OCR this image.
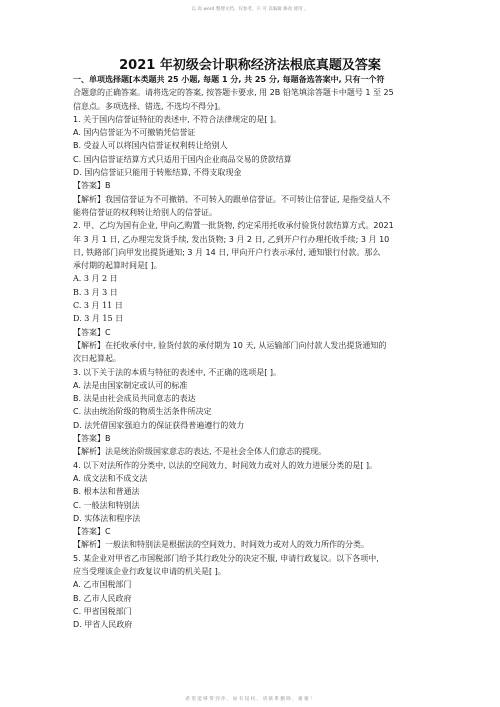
以 高 word 整理文档，仅参考，只 可 以编辑 修改 使用 。
2021 年初级会计职称经济法根底真题及答案
一、单项选择题[本类题共 25 小题, 每题 1 分, 共 25 分, 每题备选答案中, 只有一个符
合题意的正确答案。请将选定的答案, 按答题卡要求, 用 2B 铅笔填涂答题卡中题号 1 至 25
信息点。多项选择、错选, 不选均不得分]。
1. 关于国内信誉证特征的表述中, 不符合法律规定的是[ ]。
A. 国内信誉证为不可撤销凭信誉证
B. 受益人可以将国内信誉证权利转让给别人
C. 国内信誉证结算方式只适用于国内企业商品交易的贷款结算
D. 国内信誉证只能用于转账结算, 不得支取现金
【答案】B
【解析】我国信誉证为不可撤销、不可转入的跟单信誉证。不可转让信誉证, 是指受益人不
能将信誉证的权利转让给别人的信誉证。
2. 甲、乙均为国有企业, 甲向乙购置一批货物, 约定采用托收承付验货付款结算方式。2021
年 3 月 1 日, 乙办理完发货手续, 发出货物; 3 月 2 日, 乙到开户行办理托收手续; 3 月 10
日, 铁路部门向甲发出提货通知; 3 月 14 日, 甲向开户行表示承付, 通知银行付款。那么
承付期的起算时间是[ ]。
A. 3 月 2 日
B. 3 月 3 日
C. 3 月 11 日
D. 3 月 15 日
【答案】C
【解析】在托收承付中, 验货付款的承付期为 10 天, 从运输部门向付款人发出提货通知的
次日起算起。
3. 以下关于法的本质与特征的表述中, 不正确的选项是[ ]。
A. 法是由国家制定或认可的标准
B. 法是由社会成员共同意志的表达
C. 法由统治阶级的物质生活条件所决定
D. 法凭借国家强迫力的保证获得普遍遵行的效力
【答案】B
【解析】法是统治阶级国家意志的表达, 不是社会全体人们意志的提现。
4. 以下对法所作的分类中, 以法的空间效力、时间效力或对人的效力进展分类的是[ ]。
A. 成文法和不成文法
B. 根本法和普通法
C. 一般法和特别法
D. 实体法和程序法
【答案】C
【解析】一般法和特别法是根据法的空间效力、时间效力或对人的效力所作的分类。
5. 某企业对甲省乙市国税部门给予其行政处分的决定不服, 申请行政复议。以下各项中,
应当受理该企业行政复议申请的机关是[ ]。
A. 乙市国税部门
B. 乙市人民政府
C. 甲省国税部门
D. 甲省人民政府
希 望 能 够 帮 到 你 ， 如 有 侵 权 ， 请 联 系 删 除 ， 谢 谢 ！
